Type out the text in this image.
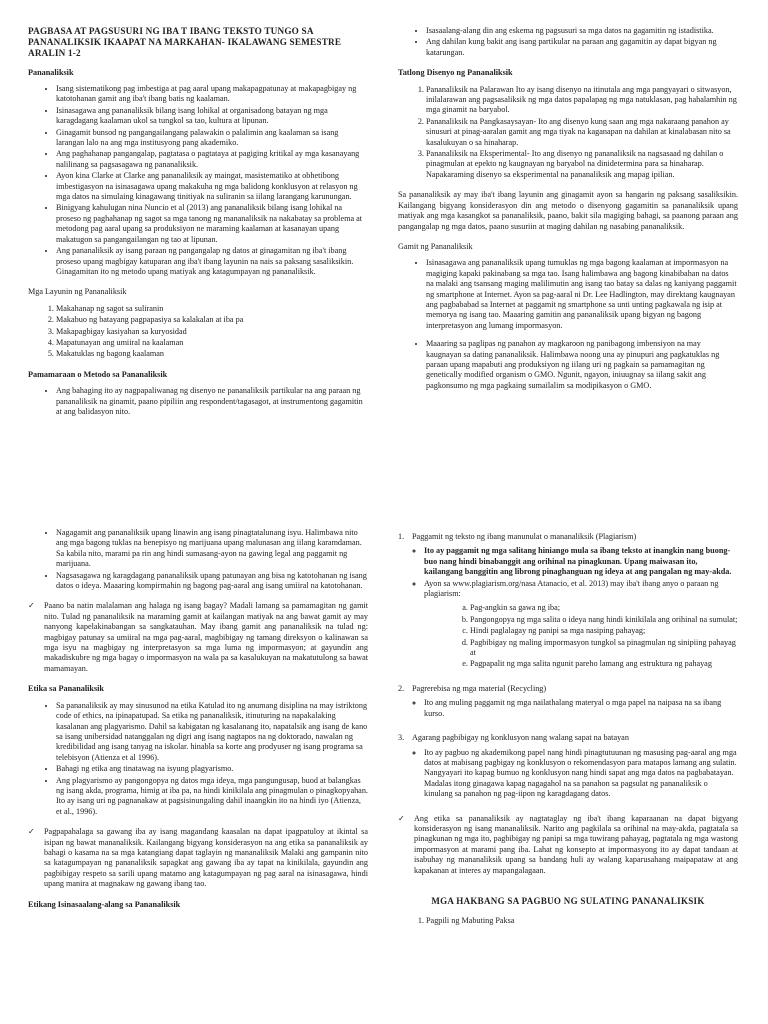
PAGBASA AT PAGSUSURI NG IBA T IBANG TEKSTO TUNGO SA PANANALIKSIK IKAAPAT NA MARKAHAN- IKALAWANG SEMESTRE ARALIN 1-2
Pananaliksik
• Isang sistematikong pag imbestiga at pag aaral upang makapagpatunay at makapagbigay ng katotohanan gamit ang iba't ibang batis ng kaalaman.
• Isinasagawa ang pananaliksik bilang isang lohikal at organisadong batayan ng mga karagdagang kaalaman ukol sa tungkol sa tao, kultura at lipunan.
• Ginagamit bunsod ng pangangailangang palawakin o palalimin ang kaalaman sa isang larangan lalo na ang mga institusyong pang akademiko.
• Ang paghahanap pangangalap, pagtatasa o pagtataya at pagiging kritikal ay mga kasanayang nalilinang sa pagsasagawa ng pananaliksik.
• Ayon kina Clarke at Clarke ang pananaliksik ay maingat, masistematiko at obhetibong imbestigasyon na isinasagawa upang makakuha ng mga balidong konklusyon at relasyon ng mga datos na simulaing kinagawang tinitiyak na suliranin sa iilang larangang karunungan.
• Binigyang kahulugan nina Nuncio et al (2013) ang pananaliksik bilang isang lohikal na proseso ng paghahanap ng sagot sa mga tanong ng mananaliksik na nakabatay sa problema at metodong pag aaral upang sa produksiyon ne maraming kaalaman at kasanayan upang makatugon sa pangangailangan ng tao at lipunan.
• Ang pananaliksik ay isang paraan ng pangangalap ng datos at ginagamitan ng iba't ibang proseso upang magbigay katuparan ang iba't ibang layunin na nais sa paksang sasaliksikin. Ginagamitan ito ng metodo upang matiyak ang katagumpayan ng pananaliksik.
Mga Layunin ng Pananaliksik
1. Makahanap ng sagot sa suliranin
2. Makabuo ng batayang pagpapasiya sa kalakalan at iba pa
3. Makapagbigay kasiyahan sa kuryosidad
4. Mapatunayan ang umiiral na kaalaman
5. Makatuklas ng bagong kaalaman
Pamamaraan o Metodo sa Pananaliksik
• Ang bahaging ito ay nagpapaliwanag ng disenyo ne pananaliksik partikular na ang paraan ng pananaliksik na ginamit, paano pipiliin ang respondent/tagasagot, at instrumentong gagamitin at ang balidasyon nito.
• Isasaalang-alang din ang eskema ng pagsusuri sa mga datos na gagamitin ng istadistika.
• Ang dahilan kung bakit ang isang partikular na paraan ang gagamitin ay dapat bigyan ng katarungan.
Tatlong Disenyo ng Pananaliksik
1. Pananaliksik na Palarawan Ito ay isang disenyo na itinutala ang mga pangyayari o sitwasyon, inilalarawan ang pagsasaliksik ng mga datos papalapag ng mga natuklasan, pag hahalamhin ng mga ginamit na baryabol.
2. Pananaliksik na Pangkasaysayan- Ito ang disenyo kung saan ang mga nakaraang panahon ay sinusuri at pinag-aaralan gamit ang mga tiyak na kaganapan na dahilan at kinalabasan nito sa kasalukuyan o sa hinaharap.
3. Pananaliksik na Eksperimental- Ito ang disenyo ng pananaliksik na nagsasaad ng dahilan o pinagmulan at epekto ng kaugnayan ng baryabol na dinidetermina para sa hinaharap. Napakaraming disenyo sa eksperimental na pananaliksik ang mapag ipilian.

Sa pananaliksik ay may iba't ibang layunin ang ginagamit ayon sa hangarin ng paksang sasaliksikin. Kailangang bigyang konsiderasyon din ang metodo o disenyong gagamitin sa pananaliksik upang matiyak ang mga kasangkot sa pananaliksik, paano, bakit sila magiging bahagi, sa paanong paraan ang pangangalap ng mga datos, paano susuriin at maging dahilan ng nasabing pananaliksik.

Gamit ng Pananaliksik
• Isinasagawa ang pananaliksik upang tumuklas ng mga bagong kaalaman at impormasyon na magiging kapaki pakinabang sa mga tao. Isang halimbawa ang bagong kinabibahan na datos na malaki ang tsansang maging malilimutin ang isang tao batay sa dalas ng kaniyang paggamit ng smartphone at Internet. Ayon sa pag-aaral ni Dr. Lee Hadlington, may direktang kaugnayan ang pagbababad sa Internet at paggamit ng smartphone sa unti unting pagkawala ng isip at memorya ng isang tao. Maaaring gamitin ang pananaliksik upang bigyan ng bagong interpretasyon ang lumang impormasyon.
• Maaaring sa paglipas ng panahon ay magkaroon ng panibagong imbensiyon na may kaugnayan sa dating pananaliksik. Halimbawa noong una ay pinupuri ang pagkatuklas ng paraan upang mapabuti ang produksiyon ng iilang uri ng pagkain sa pamamagitan ng genetically modified organism o GMO. Ngunit, ngayon, iniuugnay sa iilang sakit ang pagkonsumo ng mga pagkaing sumailalim sa modipikasyon o GMO.
• Nagagamit ang pananaliksik upang linawin ang isang pinagtatalunang isyu. Halimbawa nito ang mga bagong tuklas na benepisyo ng marijuana upang malunasan ang iilang karamdaman. Sa kabila nito, marami pa rin ang hindi sumasang-ayon na gawing legal ang paggamit ng marijuana.
• Nagsasagawa ng karagdagang pananaliksik upang patunayan ang bisa ng katotohanan ng isang datos o ideya. Maaaring kompirmahin ng bagong pag-aaral ang isang umiiral na katotohanan.
✓ Paano ba natin malalaman ang halaga ng isang bagay? Madali lamang sa pamamagitan ng gamit nito. Tulad ng pananaliksik na maraming gamit at kailangan matiyak na ang bawat gamit ay may nanyong kapelakinabangan sa sangkatauhan. May ibang gamit ang pananaliksik na tulad ng: magbigay patunay sa umiiral na mga pag-aaral, magbibigay ng tamang direksyon o kalinawan sa mga isyu na magbigay ng interpretasyon sa mga luma ng impormasyon; at gayundin ang makadiskubre ng mga bagay o impormasyon na wala pa sa kasalukuyan na makatutulong sa bawat mamamayan.
Etika sa Pananaliksik
• Sa pananaliksik ay may sinusunod na etika Katulad ito ng anumang disiplina na may istriktong code of ethics, na ipinapatupad. Sa etika ng pananaliksik, itinuturing na napakalaking kasalanan ang plagyarismo. Dahil sa kabigatan ng kasalanang ito, napatalsik ang isang de kano sa isang unibersidad natanggalan ng digri ang isang nagtapos na ng doktorado, nawalan ng kredibilidad ang isang tanyag na iskolar. hinabla sa korte ang prodyuser ng isang programa sa telebisyon (Atienza et al 1996).
• Bahagi ng etika ang tinatawag na isyung plagyarismo.
• Ang plagyarismo ay pangongopya ng datos mga ideya, mga pangungusap, buod at balangkas ng isang akda, programa, himig at iba pa, na hindi kinikilala ang pinagmulan o pinagkopyahan. Ito ay isang uri ng pagnanakaw at pagsisinungaling dahil inaangkin ito na hindi iyo (Atienza, et al., 1996).
✓ Pagpapahalaga sa gawang iba ay isang magandang kaasalan na dapat ipagpatuloy at ikintal sa isipan ng bawat mananaliksik. Kailangang bigyang konsiderasyon na ang etika sa pananaliksik ay bahagi o kasama na sa mga katangiang dapat taglayin ng mananaliksik Malaki ang gampanin nito sa katagumpayan ng pananaliksik sapagkat ang gawang iba ay tapat na kinikilala, gayundin ang pagbibigay respeto sa sarili upang matamo ang katagumpayan ng pag aaral na isinasagawa, hindi upang manira at magnakaw ng gawang ibang tao.
Etikang Isinasaalang-alang sa Pananaliksik
1. Paggamit ng teksto ng ibang manunulat o mananaliksik (Plagiarism)
◦ Ito ay paggamit ng mga salitang hiniango mula sa ibang teksto at inangkin nang buong-buo nang hindi binabanggit ang orihinal na pinagkunan. Upang maiwasan ito, kailangang banggitin ang librong pinaghanguan ng ideya at ang pangalan ng may-akda.
◦ Ayon sa www.plagiarism.org/nasa Atanacio, et al. 2013) may iba't ibang anyo o paraan ng plagiarism:
a. Pag-angkin sa gawa ng iba;
b. Pangongopya ng mga salita o ideya nang hindi kinikilala ang orihinal na sumulat;
c. Hindi paglalagay ng panipi sa mga nasiping pahayag;
d. Pagbibigay ng maling impormasyon tungkol sa pinagmulan ng sinipiing pahayag at
e. Pagpapalit ng mga salita ngunit pareho lamang ang estruktura ng pahayag
2. Pagrerebisa ng mga material (Recycling)
◦ Ito ang muling paggamit ng mga nailathalang materyal o mga papel na naipasa na sa ibang kurso.
3. Agarang pagbibigay ng konklusyon nang walang sapat na batayan
◦ Ito ay pagbuo ng akademikong papel nang hindi pinagtutuunan ng masusing pag-aaral ang mga datos at mabisang pagbigay ng konklusyon o rekomendasyon para matapos lamang ang sulatin. Nangyayari ito kapag bumuo ng konklusyon nang hindi sapat ang mga datos na pagbabatayan. Madalas itong ginagawa kapag nagagahol na sa panahon sa pagsulat ng pananaliksik o kinulang sa panahon ng pag-iipon ng karagdagang datos.
✓ Ang etika sa pananaliksik ay nagtataglay ng iba't ibang kaparaanan na dapat bigyang konsiderasyon ng isang mananaliksik. Narito ang pagkilala sa orihinal na may-akda, pagtatala sa pinagkunan ng mga ito, pagbibigay ng panipi sa mga tuwirang pahayag, pagtatala ng mga wastong impormasyon at marami pang iba. Lahat ng konsepto at impormasyong ito ay dapat tandaan at isabuhay ng mananaliksik upang sa bandang huli ay walang kaparusahang maipapataw at ang kapakanan at interes ay mapangalagaan.
MGA HAKBANG SA PAGBUO NG SULATING PANANALIKSIK
1. Pagpili ng Mabuting Paksa
